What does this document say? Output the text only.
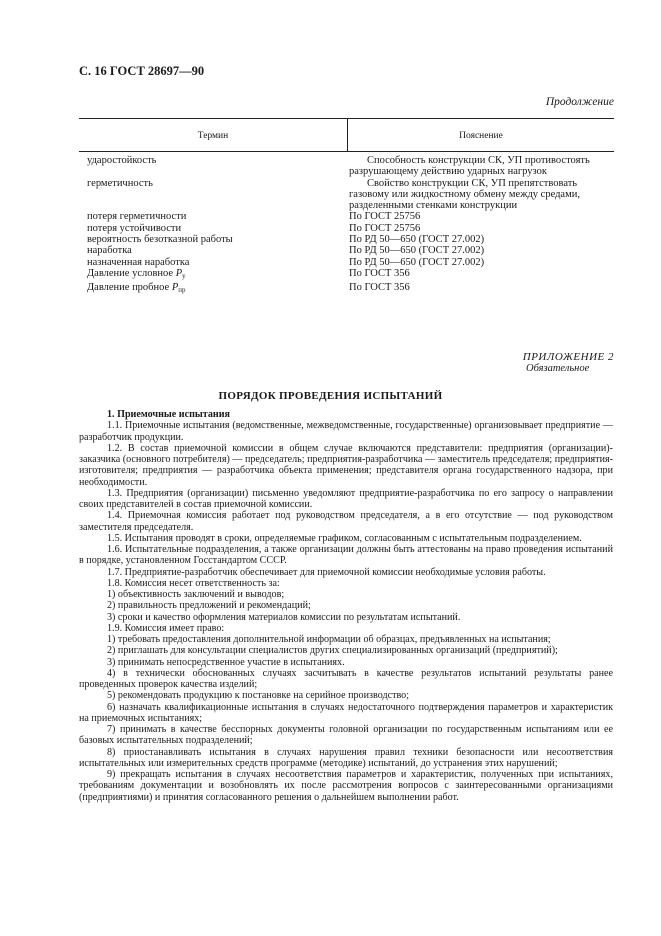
С. 16 ГОСТ 28697—90
Продолжение
Термин	Пояснение
ударостойкость	Способность конструкции СК, УП противостоять разрушающему действию ударных нагрузок
герметичность	Свойство конструкции СК, УП препятствовать газовому или жидкостному обмену между средами, разделенными стенками конструкции
потеря герметичности	По ГОСТ 25756
потеря устойчивости	По ГОСТ 25756
вероятность безотказной работы	По РД 50—650 (ГОСТ 27.002)
наработка	По РД 50—650 (ГОСТ 27.002)
назначенная наработка	По РД 50—650 (ГОСТ 27.002)
Давление условное $P_у$	По ГОСТ 356
Давление пробное $P_{пр}$	По ГОСТ 356
ПРИЛОЖЕНИЕ 2
Обязательное
ПОРЯДОК ПРОВЕДЕНИЯ ИСПЫТАНИЙ

1. Приемочные испытания

1.1. Приемочные испытания (ведомственные, межведомственные, государственные) организовывает предприятие — разработчик продукции.

1.2. В состав приемочной комиссии в общем случае включаются представители: предприятия (организации)-заказчика (основного потребителя) — председатель; предприятия-разработчика — заместитель председателя; предприятия-изготовителя; предприятия — разработчика объекта применения; представителя органа государственного надзора, при необходимости.

1.3. Предприятия (организации) письменно уведомляют предприятие-разработчика по его запросу о направлении своих представителей в состав приемочной комиссии.

1.4. Приемочная комиссия работает под руководством председателя, а в его отсутствие — под руководством заместителя председателя.

1.5. Испытания проводят в сроки, определяемые графиком, согласованным с испытательным подразделением.

1.6. Испытательные подразделения, а также организации должны быть аттестованы на право проведения испытаний в порядке, установленном Госстандартом СССР.

1.7. Предприятие-разработчик обеспечивает для приемочной комиссии необходимые условия работы.

1.8. Комиссия несет ответственность за:

1) объективность заключений и выводов;

2) правильность предложений и рекомендаций;

3) сроки и качество оформления материалов комиссии по результатам испытаний.

1.9. Комиссия имеет право:

1) требовать предоставления дополнительной информации об образцах, предъявленных на испытания;

2) приглашать для консультации специалистов других специализированных организаций (предприятий);

3) принимать непосредственное участие в испытаниях.

4) в технически обоснованных случаях засчитывать в качестве результатов испытаний результаты ранее проведенных проверок качества изделий;

5) рекомендовать продукцию к постановке на серийное производство;

6) назначать квалификационные испытания в случаях недостаточного подтверждения параметров и характеристик на приемочных испытаниях;

7) принимать в качестве бесспорных документы головной организации по государственным испытаниям или ее базовых испытательных подразделений;

8) приостанавливать испытания в случаях нарушения правил техники безопасности или несоответствия испытательных или измерительных средств программе (методике) испытаний, до устранения этих нарушений;

9) прекращать испытания в случаях несоответствия параметров и характеристик, полученных при испытаниях, требованиям документации и возобновлять их после рассмотрения вопросов с заинтересованными организациями (предприятиями) и принятия согласованного решения о дальнейшем выполнении работ.
